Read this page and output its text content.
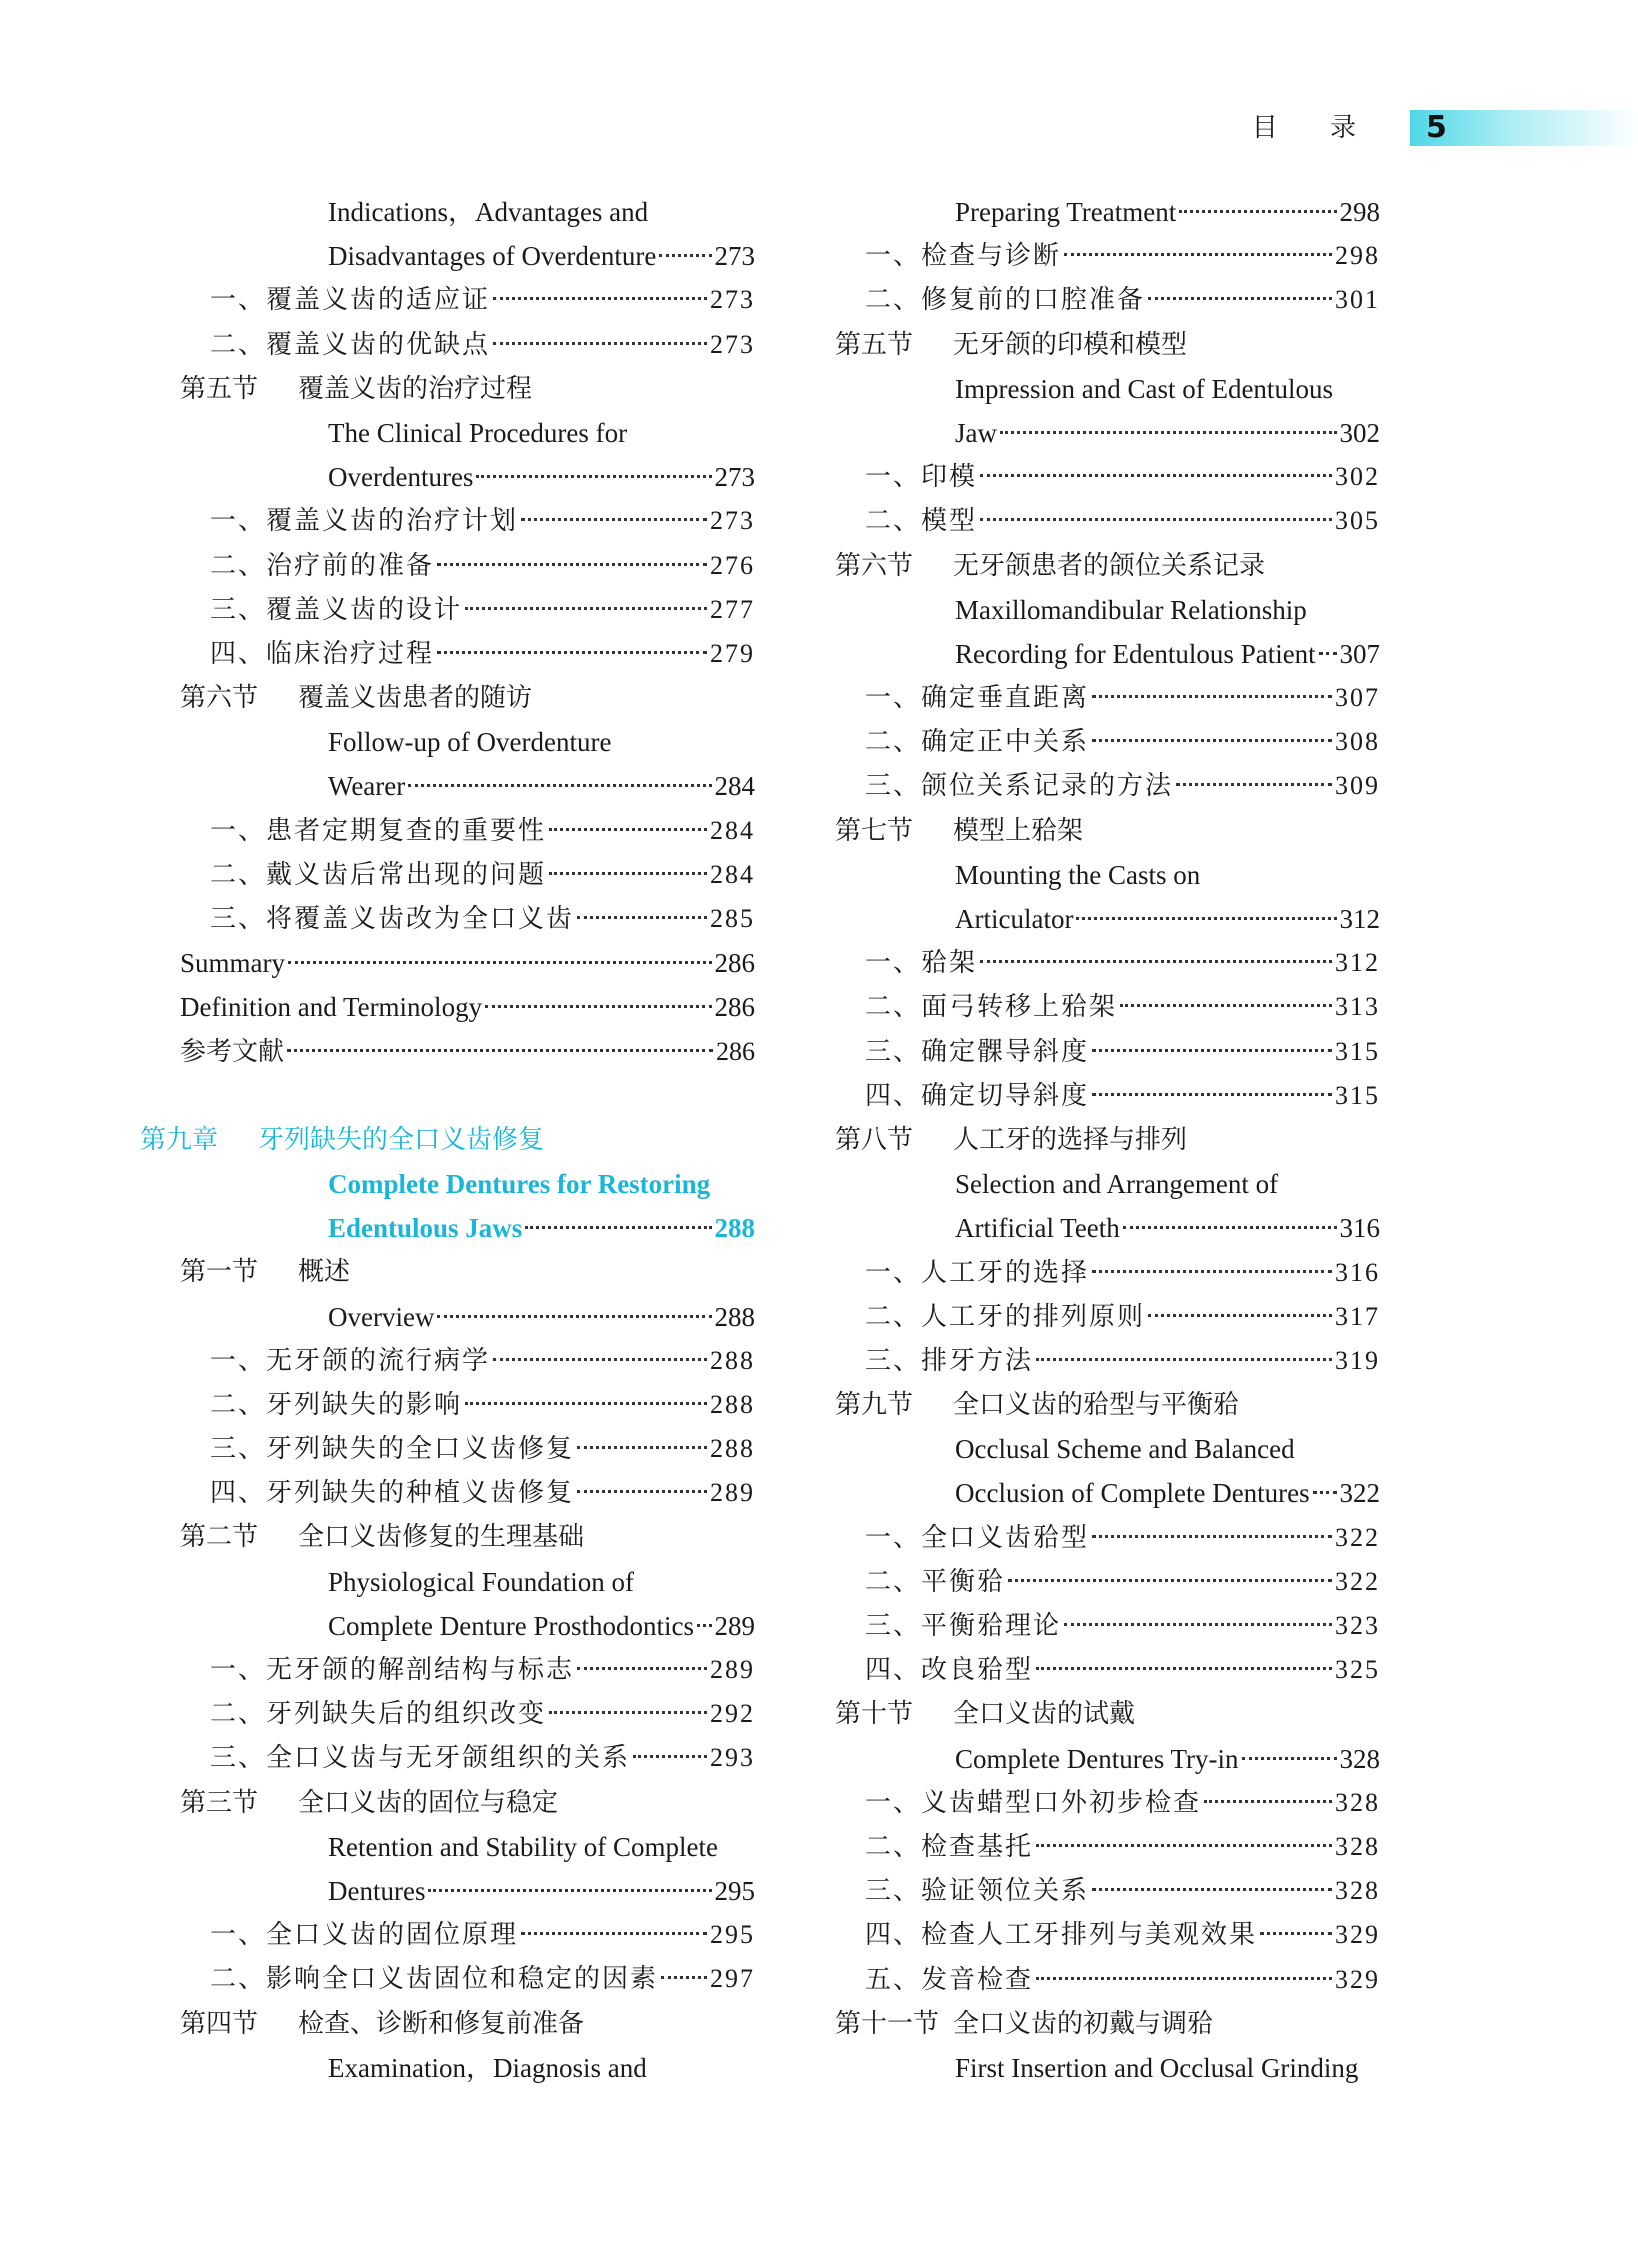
目 录 5
Indications，Advantages and
Disadvantages of Overdenture 273
一、覆盖义齿的适应证	273
二、覆盖义齿的优缺点	273
第五节 覆盖义齿的治疗过程
The Clinical Procedures for
Overdentures	273
一、覆盖义齿的治疗计划	273
二、治疗前的准备	276
三、覆盖义齿的设计	277
四、临床治疗过程	279
第六节 覆盖义齿患者的随访
Follow-up of Overdenture
Wearer	284
一、患者定期复查的重要性	284
二、戴义齿后常出现的问题	284
三、将覆盖义齿改为全口义齿	285
Summary	286
Definition and Terminology	286
参考文献	286
第九章 牙列缺失的全口义齿修复
Complete Dentures for Restoring
Edentulous Jaws	288
第一节 概述
Overview	288
一、无牙颌的流行病学	288
二、牙列缺失的影响	288
三、牙列缺失的全口义齿修复	288
四、牙列缺失的种植义齿修复	289
第二节 全口义齿修复的生理基础
Physiological Foundation of
Complete Denture Prosthodontics 289
一、无牙颌的解剖结构与标志	289
二、牙列缺失后的组织改变	292
三、全口义齿与无牙颌组织的关系	293
第三节 全口义齿的固位与稳定
Retention and Stability of Complete
Dentures	295
一、全口义齿的固位原理	295
二、影响全口义齿固位和稳定的因素 297
第四节 检查、诊断和修复前准备
Examination，Diagnosis and
Preparing Treatment	298
一、检查与诊断	298
二、修复前的口腔准备	301
第五节 无牙颌的印模和模型
Impression and Cast of Edentulous
Jaw	302
一、印模	302
二、模型	305
第六节 无牙颌患者的颌位关系记录
Maxillomandibular Relationship
Recording for Edentulous Patient 307
一、确定垂直距离	307
二、确定正中关系	308
三、颌位关系记录的方法	309
第七节 模型上𬌗架
Mounting the Casts on
Articulator	312
一、𬌗架	312
二、面弓转移上𬌗架	313
三、确定髁导斜度	315
四、确定切导斜度	315
第八节 人工牙的选择与排列
Selection and Arrangement of
Artificial Teeth	316
一、人工牙的选择	316
二、人工牙的排列原则	317
三、排牙方法	319
第九节 全口义齿的𬌗型与平衡𬌗
Occlusal Scheme and Balanced
Occlusion of Complete Dentures 322
一、全口义齿𬌗型	322
二、平衡𬌗	322
三、平衡𬌗理论	323
四、改良𬌗型	325
第十节 全口义齿的试戴
Complete Dentures Try-in	328
一、义齿蜡型口外初步检查	328
二、检查基托	328
三、验证领位关系	328
四、检查人工牙排列与美观效果	329
五、发音检查	329
第十一节 全口义齿的初戴与调𬌗
First Insertion and Occlusal Grinding
